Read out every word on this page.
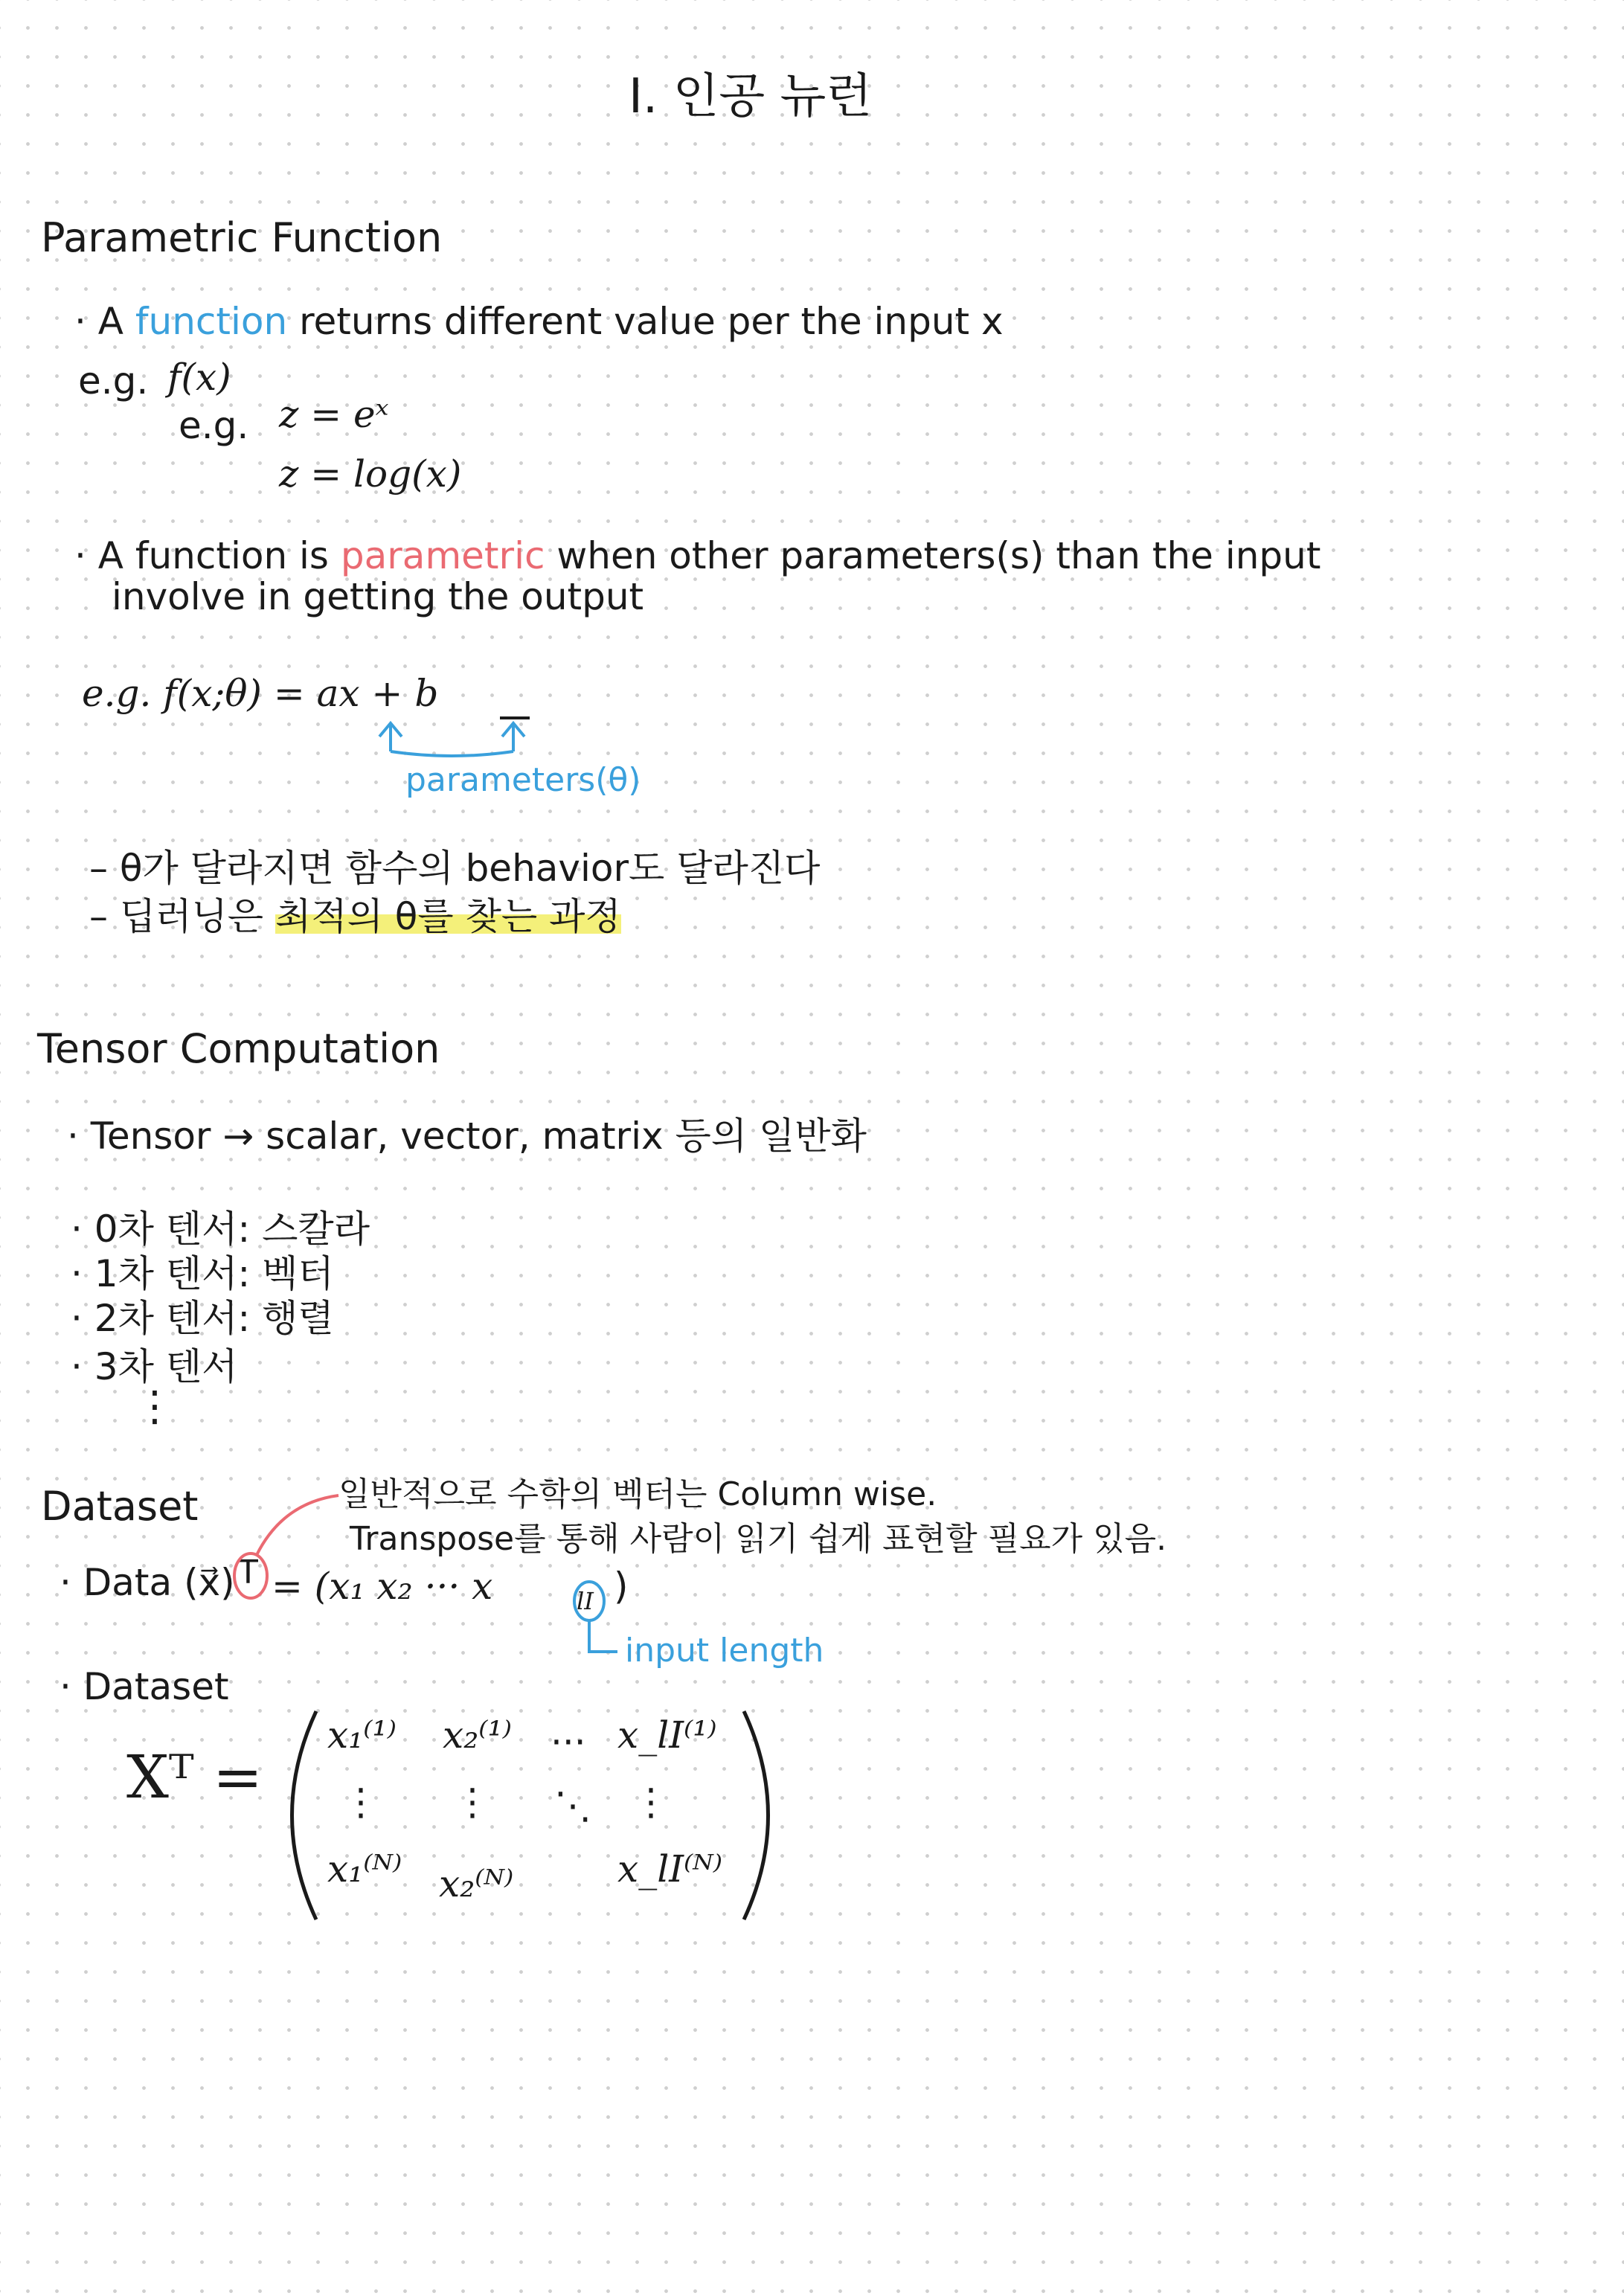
I. 인공 뉴런
Parametric Function
· A function returns different value per the input x
e.g. f(x)
e.g. z = eˣ
z = log(x)
· A function is parametric when other parameters(s) than the input
involve in getting the output
e.g. f(x;θ) = ax + b
parameters(θ)
– θ가 달라지면 함수의 behavior도 달라진다
– 딥러닝은 최적의 θ를 찾는 과정
Tensor Computation
· Tensor → scalar, vector, matrix 등의 일반화
· 0차 텐서: 스칼라
· 1차 텐서: 벡터
· 2차 텐서: 행렬
· 3차 텐서
⋮
Dataset	일반적으로 수학의 벡터는 Column wise.
Transpose를 통해 사람이 읽기 쉽게 표현할 필요가 있음.
· Data (x⃗) T = (x₁ x₂ ··· x	lI )
input length
· Dataset
Xᵀ =
x₁⁽¹⁾ x₂⁽¹⁾ ··· x_lI⁽¹⁾
⋮ ⋮ ⋱ ⋮
x₁⁽ᴺ⁾ x₂⁽ᴺ⁾	x_lI⁽ᴺ⁾
